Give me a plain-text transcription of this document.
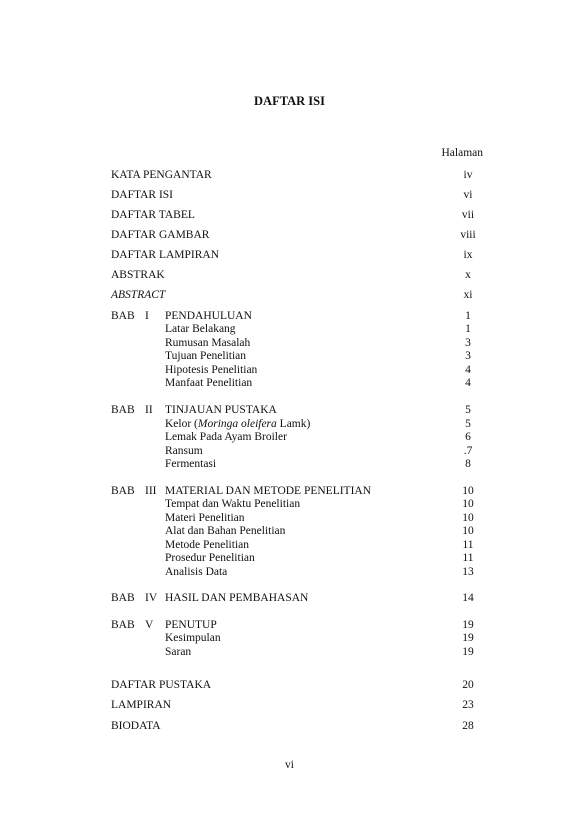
DAFTAR ISI
Halaman
KATA PENGANTAR	iv
DAFTAR ISI	vi
DAFTAR TABEL	vii
DAFTAR GAMBAR	viii
DAFTAR LAMPIRAN	ix
ABSTRAK	x
ABSTRACT	xi
BAB I PENDAHULUAN	1
Latar Belakang	1
Rumusan Masalah	3
Tujuan Penelitian	3
Hipotesis Penelitian	4
Manfaat Penelitian	4
BAB II TINJAUAN PUSTAKA	5
Kelor (Moringa oleifera Lamk)	5
Lemak Pada Ayam Broiler	6
Ransum	.7
Fermentasi	8
BAB III MATERIAL DAN METODE PENELITIAN	10
Tempat dan Waktu Penelitian	10
Materi Penelitian	10
Alat dan Bahan Penelitian	10
Metode Penelitian	11
Prosedur Penelitian	11
Analisis Data	13
BAB IV HASIL DAN PEMBAHASAN	14
BAB V PENUTUP	19
Kesimpulan	19
Saran	19
DAFTAR PUSTAKA	20
LAMPIRAN	23
BIODATA	28
vi
